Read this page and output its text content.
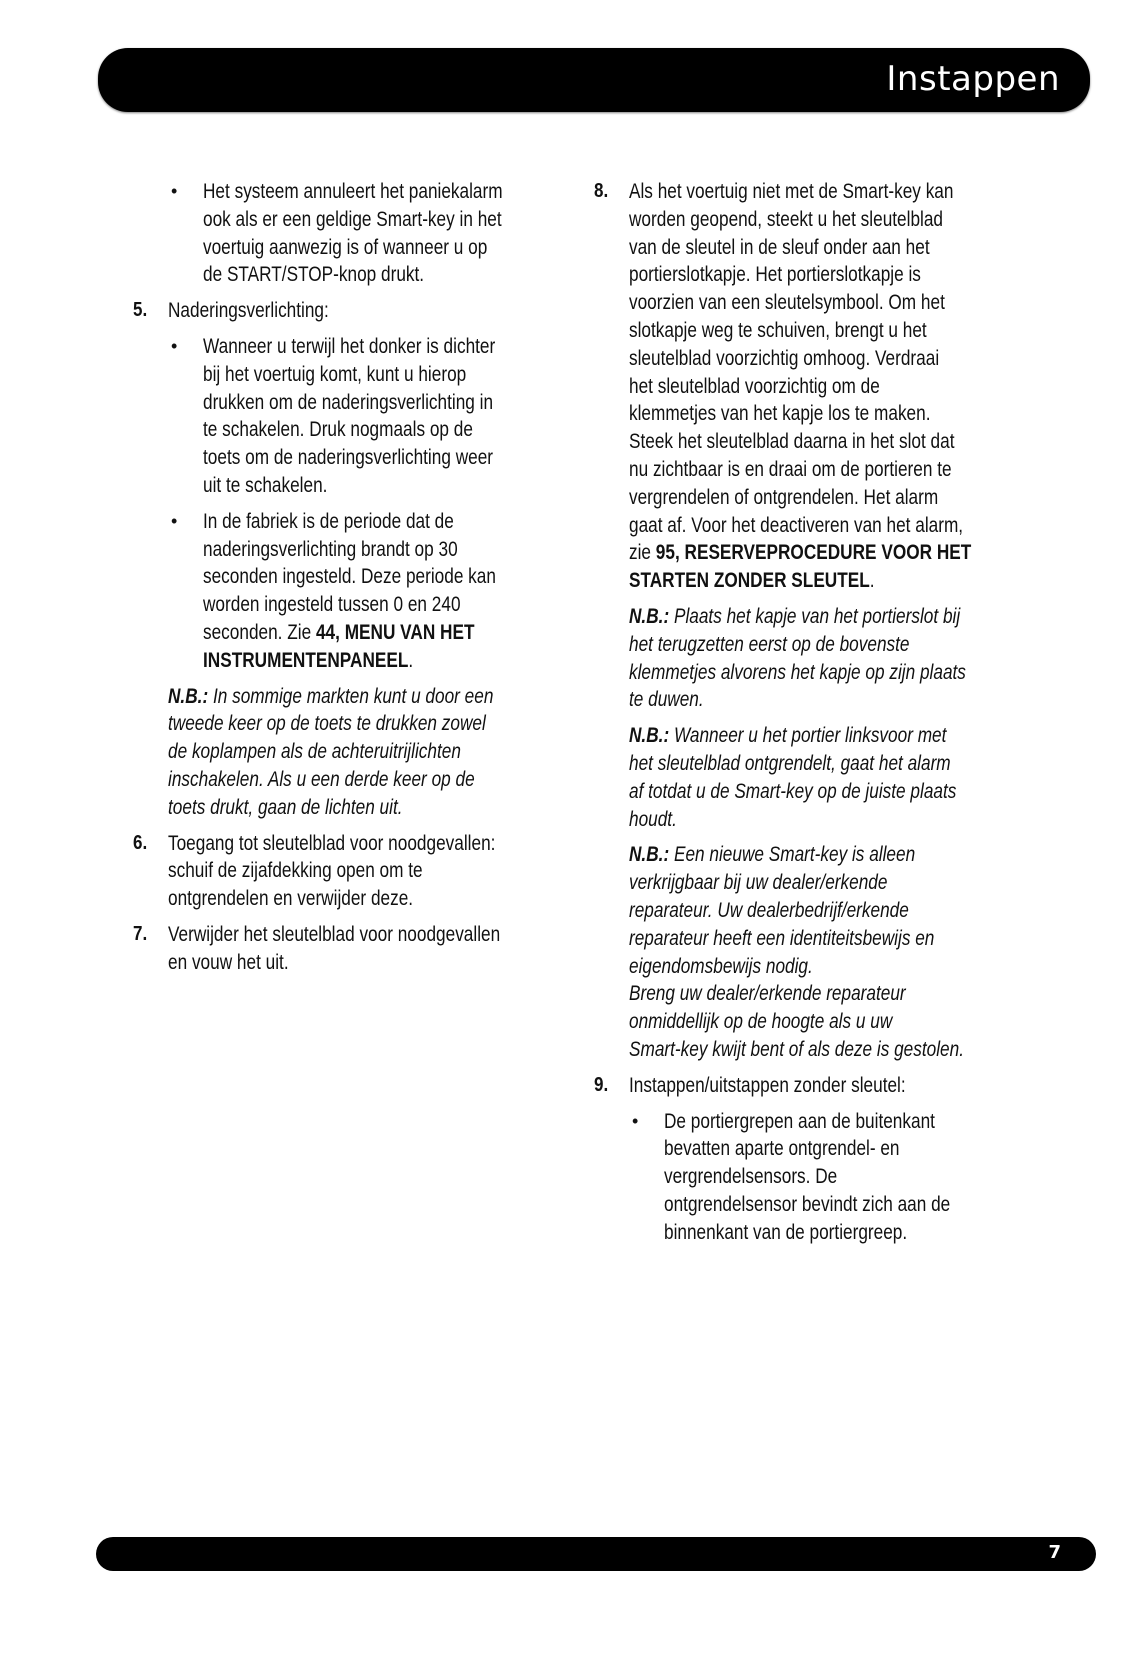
Instappen
• Het systeem annuleert het paniekalarm
ook als er een geldige Smart-key in het
voertuig aanwezig is of wanneer u op
de START/STOP-knop drukt.
5. Naderingsverlichting:
• Wanneer u terwijl het donker is dichter
bij het voertuig komt, kunt u hierop
drukken om de naderingsverlichting in
te schakelen. Druk nogmaals op de
toets om de naderingsverlichting weer
uit te schakelen.
• In de fabriek is de periode dat de
naderingsverlichting brandt op 30
seconden ingesteld. Deze periode kan
worden ingesteld tussen 0 en 240
seconden. Zie 44, MENU VAN HET
INSTRUMENTENPANEEL.
N.B.: In sommige markten kunt u door een
tweede keer op de toets te drukken zowel
de koplampen als de achteruitrijlichten
inschakelen. Als u een derde keer op de
toets drukt, gaan de lichten uit.
6. Toegang tot sleutelblad voor noodgevallen:
schuif de zijafdekking open om te
ontgrendelen en verwijder deze.
7. Verwijder het sleutelblad voor noodgevallen
en vouw het uit.
8. Als het voertuig niet met de Smart-key kan
worden geopend, steekt u het sleutelblad
van de sleutel in de sleuf onder aan het
portierslotkapje. Het portierslotkapje is
voorzien van een sleutelsymbool. Om het
slotkapje weg te schuiven, brengt u het
sleutelblad voorzichtig omhoog. Verdraai
het sleutelblad voorzichtig om de
klemmetjes van het kapje los te maken.
Steek het sleutelblad daarna in het slot dat
nu zichtbaar is en draai om de portieren te
vergrendelen of ontgrendelen. Het alarm
gaat af. Voor het deactiveren van het alarm,
zie 95, RESERVEPROCEDURE VOOR HET
STARTEN ZONDER SLEUTEL.
N.B.: Plaats het kapje van het portierslot bij
het terugzetten eerst op de bovenste
klemmetjes alvorens het kapje op zijn plaats
te duwen.
N.B.: Wanneer u het portier linksvoor met
het sleutelblad ontgrendelt, gaat het alarm
af totdat u de Smart-key op de juiste plaats
houdt.
N.B.: Een nieuwe Smart-key is alleen
verkrijgbaar bij uw dealer/erkende
reparateur. Uw dealerbedrijf/erkende
reparateur heeft een identiteitsbewijs en
eigendomsbewijs nodig.
Breng uw dealer/erkende reparateur
onmiddellijk op de hoogte als u uw
Smart-key kwijt bent of als deze is gestolen.
9. Instappen/uitstappen zonder sleutel:
• De portiergrepen aan de buitenkant
bevatten aparte ontgrendel- en
vergrendelsensors. De
ontgrendelsensor bevindt zich aan de
binnenkant van de portiergreep.
7
